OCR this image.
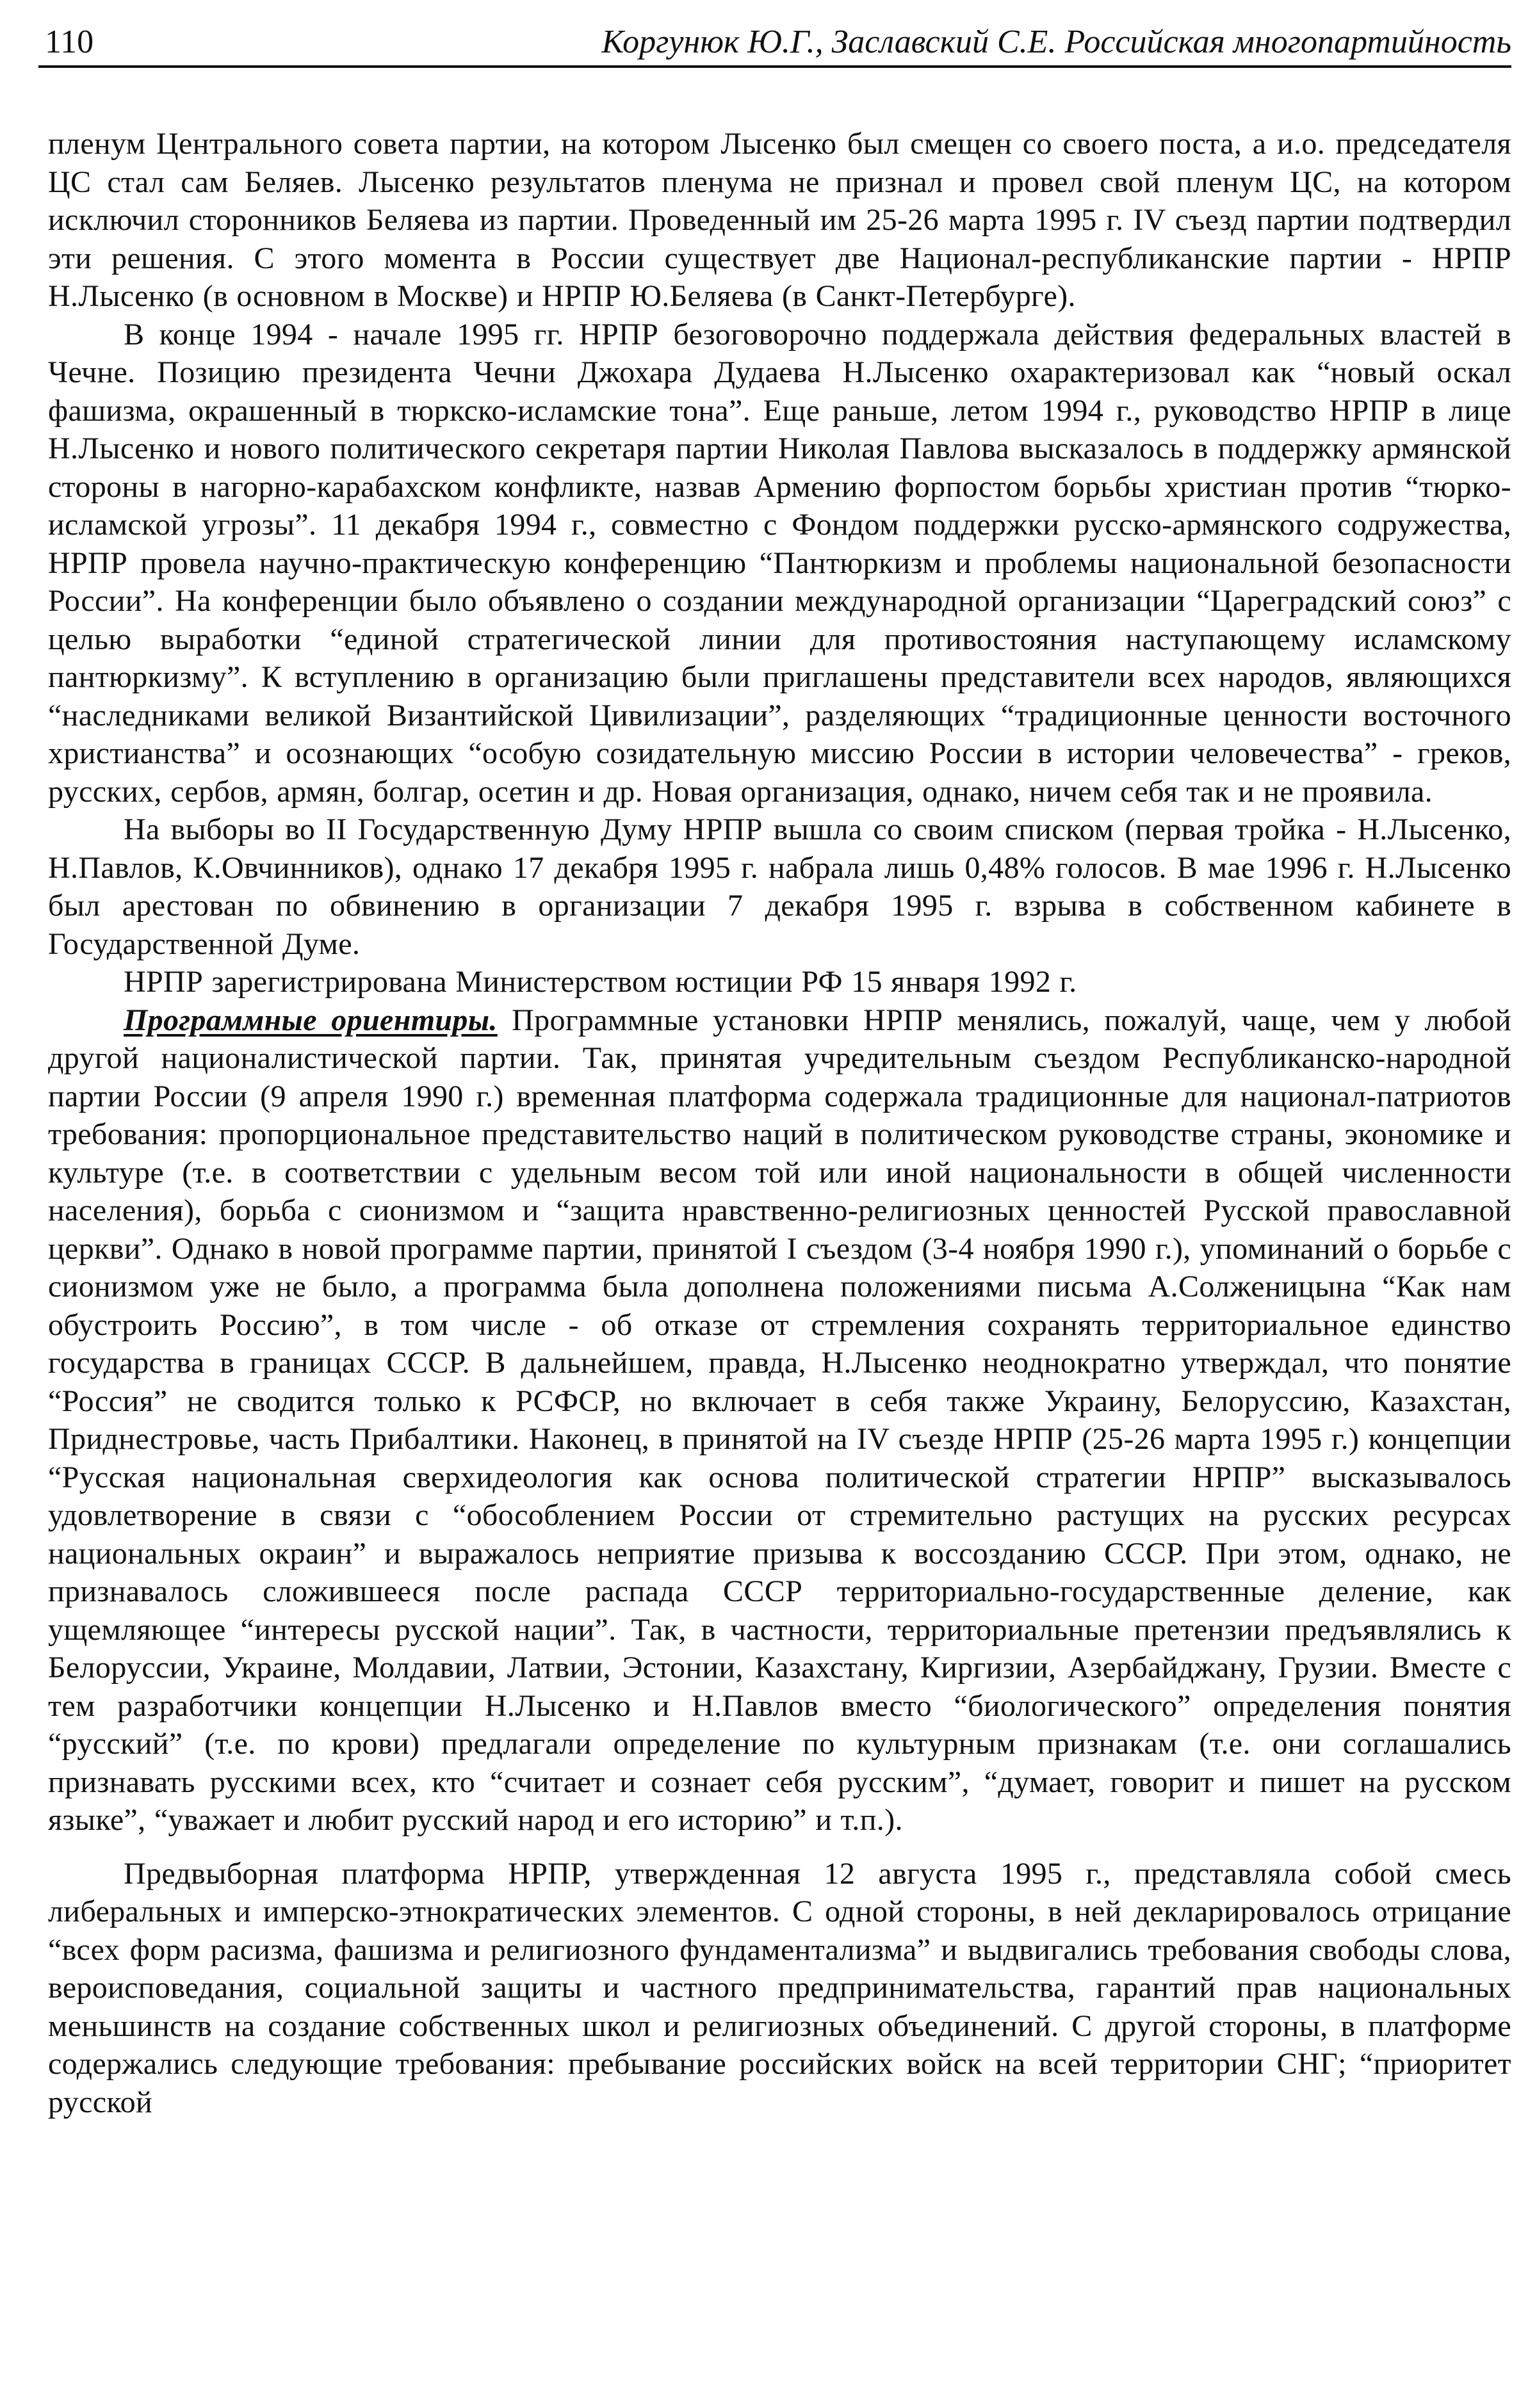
110	Коргунюк Ю.Г., Заславский С.Е. Российская многопартийность

пленум Центрального совета партии, на котором Лысенко был смещен со своего поста, а и.о. председателя ЦС стал сам Беляев. Лысенко результатов пленума не признал и провел свой пленум ЦС, на котором исключил сторонников Беляева из партии. Проведенный им 25-26 марта 1995 г. IV съезд партии подтвердил эти решения. С этого момента в России существует две Национал-республиканские партии - НРПР Н.Лысенко (в основном в Москве) и НРПР Ю.Беляева (в Санкт-Петербурге).

В конце 1994 - начале 1995 гг. НРПР безоговорочно поддержала действия федеральных властей в Чечне. Позицию президента Чечни Джохара Дудаева Н.Лысенко охарактеризовал как “новый оскал фашизма, окрашенный в тюркско-исламские тона”. Еще раньше, летом 1994 г., руководство НРПР в лице Н.Лысенко и нового политического секретаря партии Николая Павлова высказалось в поддержку армянской стороны в нагорно-карабахском конфликте, назвав Армению форпостом борьбы христиан против “тюрко-исламской угрозы”. 11 декабря 1994 г., совместно с Фондом поддержки русско-армянского содружества, НРПР провела научно-практическую конференцию “Пантюркизм и проблемы национальной безопасности России”. На конференции было объявлено о создании международной организации “Цареградский союз” с целью выработки “единой стратегической линии для противостояния наступающему исламскому пантюркизму”. К вступлению в организацию были приглашены представители всех народов, являющихся “наследниками великой Византийской Цивилизации”, разделяющих “традиционные ценности восточного христианства” и осознающих “особую созидательную миссию России в истории человечества” - греков, русских, сербов, армян, болгар, осетин и др. Новая организация, однако, ничем себя так и не проявила.

На выборы во II Государственную Думу НРПР вышла со своим списком (первая тройка - Н.Лысенко, Н.Павлов, К.Овчинников), однако 17 декабря 1995 г. набрала лишь 0,48% голосов. В мае 1996 г. Н.Лысенко был арестован по обвинению в организации 7 декабря 1995 г. взрыва в собственном кабинете в Государственной Думе.

НРПР зарегистрирована Министерством юстиции РФ 15 января 1992 г.

Программные ориентиры. Программные установки НРПР менялись, пожалуй, чаще, чем у любой другой националистической партии. Так, принятая учредительным съездом Республиканско-народной партии России (9 апреля 1990 г.) временная платформа содержала традиционные для национал-патриотов требования: пропорциональное представительство наций в политическом руководстве страны, экономике и культуре (т.е. в соответствии с удельным весом той или иной национальности в общей численности населения), борьба с сионизмом и “защита нравственно-религиозных ценностей Русской православной церкви”. Однако в новой программе партии, принятой I съездом (3-4 ноября 1990 г.), упоминаний о борьбе с сионизмом уже не было, а программа была дополнена положениями письма А.Солженицына “Как нам обустроить Россию”, в том числе - об отказе от стремления сохранять территориальное единство государства в границах СССР. В дальнейшем, правда, Н.Лысенко неоднократно утверждал, что понятие “Россия” не сводится только к РСФСР, но включает в себя также Украину, Белоруссию, Казахстан, Приднестровье, часть Прибалтики. Наконец, в принятой на IV съезде НРПР (25-26 марта 1995 г.) концепции “Русская национальная сверхидеология как основа политической стратегии НРПР” высказывалось удовлетворение в связи с “обособлением России от стремительно растущих на русских ресурсах национальных окраин” и выражалось неприятие призыва к воссозданию СССР. При этом, однако, не признавалось сложившееся после распада СССР территориально-государственные деление, как ущемляющее “интересы русской нации”. Так, в частности, территориальные претензии предъявлялись к Белоруссии, Украине, Молдавии, Латвии, Эстонии, Казахстану, Киргизии, Азербайджану, Грузии. Вместе с тем разработчики концепции Н.Лысенко и Н.Павлов вместо “биологического” определения понятия “русский” (т.е. по крови) предлагали определение по культурным признакам (т.е. они соглашались признавать русскими всех, кто “считает и сознает себя русским”, “думает, говорит и пишет на русском языке”, “уважает и любит русский народ и его историю” и т.п.).

Предвыборная платформа НРПР, утвержденная 12 августа 1995 г., представляла собой смесь либеральных и имперско-этнократических элементов. С одной стороны, в ней декларировалось отрицание “всех форм расизма, фашизма и религиозного фундаментализма” и выдвигались требования свободы слова, вероисповедания, социальной защиты и частного предпринимательства, гарантий прав национальных меньшинств на создание собственных школ и религиозных объединений. С другой стороны, в платформе содержались следующие требования: пребывание российских войск на всей территории СНГ; “приоритет русской
